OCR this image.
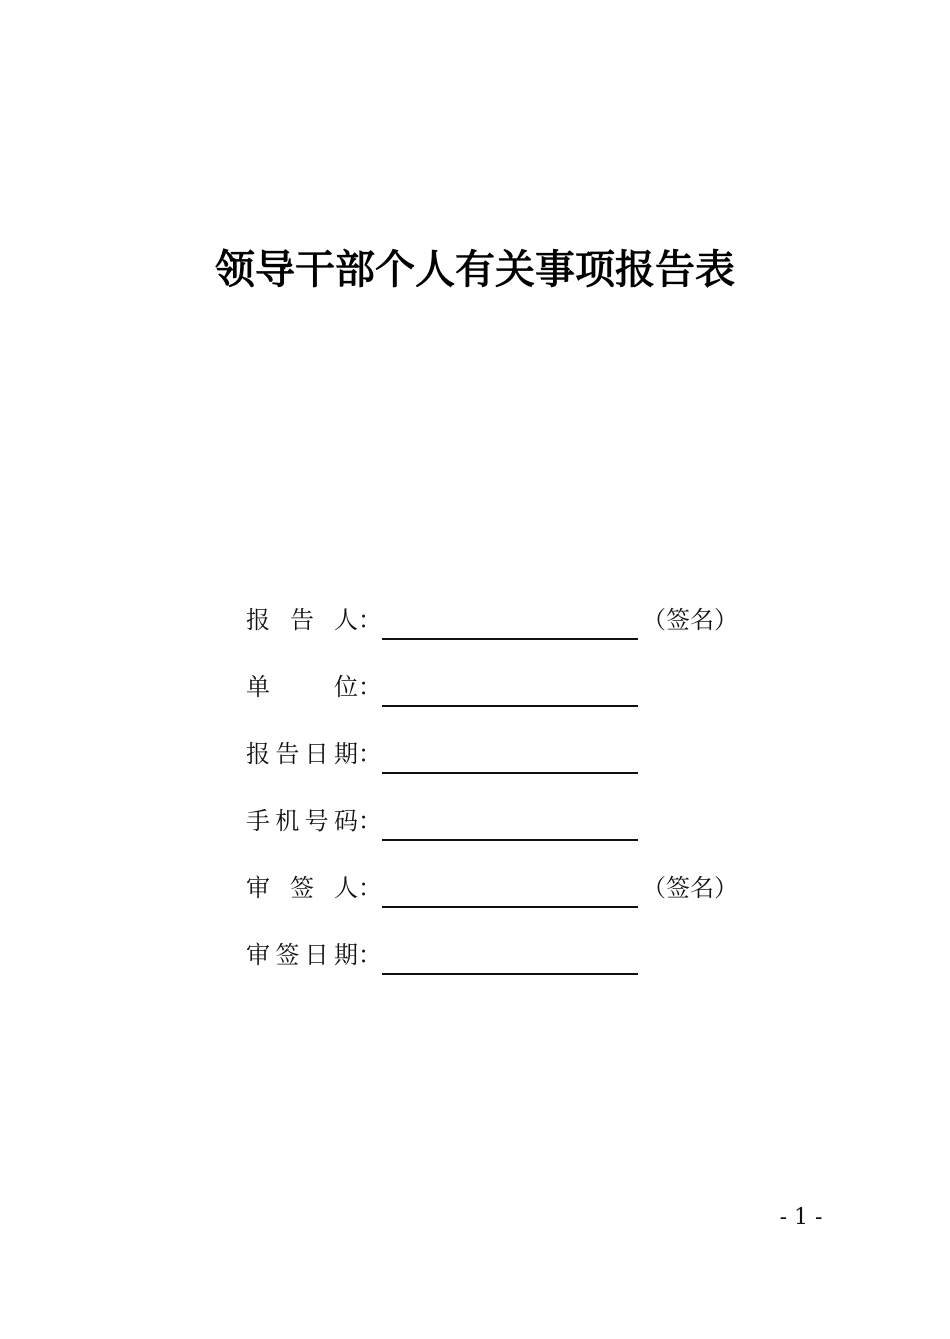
领导干部个人有关事项报告表
报 告 人 ：	（签名）
单	位 ：
报 告 日 期 ：
手 机 号 码 ：
审 签 人 ：	（签名）
审 签 日 期 ：
- 1 -
